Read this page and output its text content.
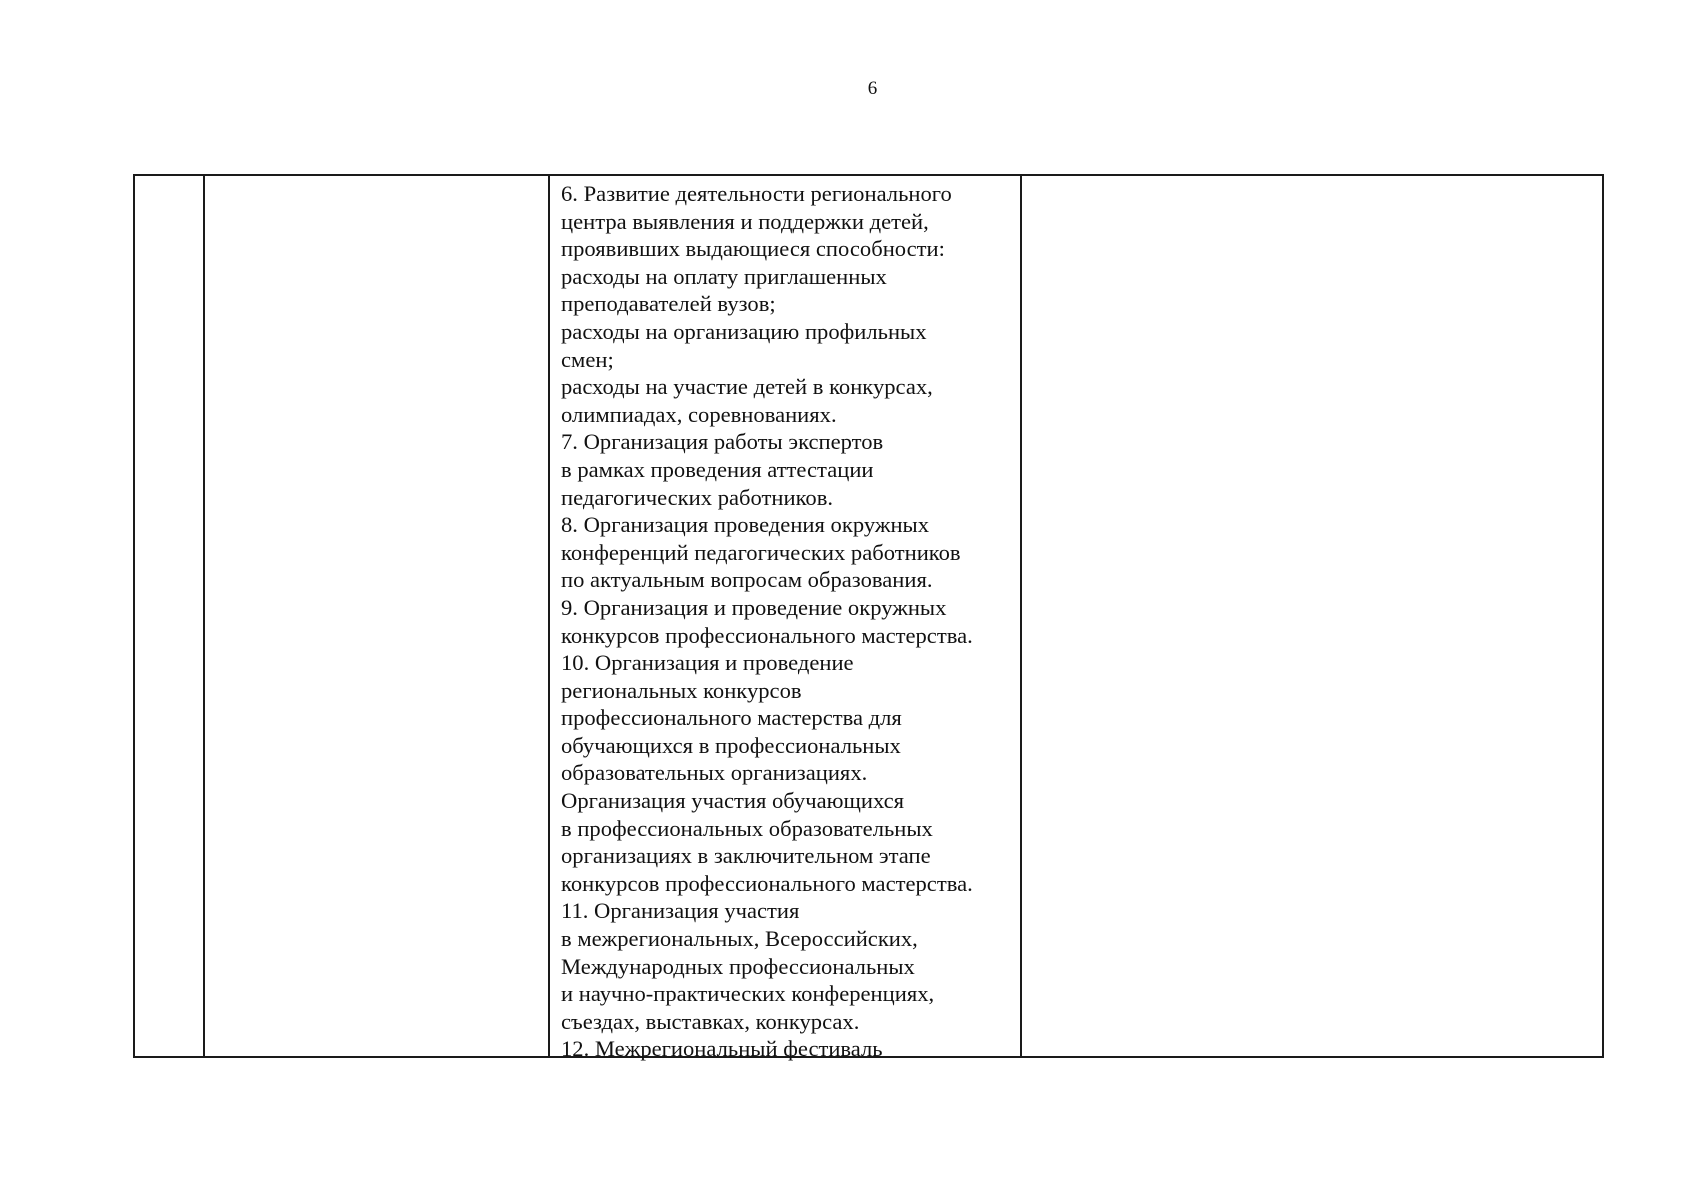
6
6. Развитие деятельности регионального
центра выявления и поддержки детей,
проявивших выдающиеся способности:
расходы на оплату приглашенных
преподавателей вузов;
расходы на организацию профильных
смен;
расходы на участие детей в конкурсах,
олимпиадах, соревнованиях.
7. Организация работы экспертов
в рамках проведения аттестации
педагогических работников.
8. Организация проведения окружных
конференций педагогических работников
по актуальным вопросам образования.
9. Организация и проведение окружных
конкурсов профессионального мастерства.
10. Организация и проведение
региональных конкурсов
профессионального мастерства для
обучающихся в профессиональных
образовательных организациях.
Организация участия обучающихся
в профессиональных образовательных
организациях в заключительном этапе
конкурсов профессионального мастерства.
11. Организация участия
в межрегиональных, Всероссийских,
Международных профессиональных
и научно-практических конференциях,
съездах, выставках, конкурсах.
12. Межрегиональный фестиваль
